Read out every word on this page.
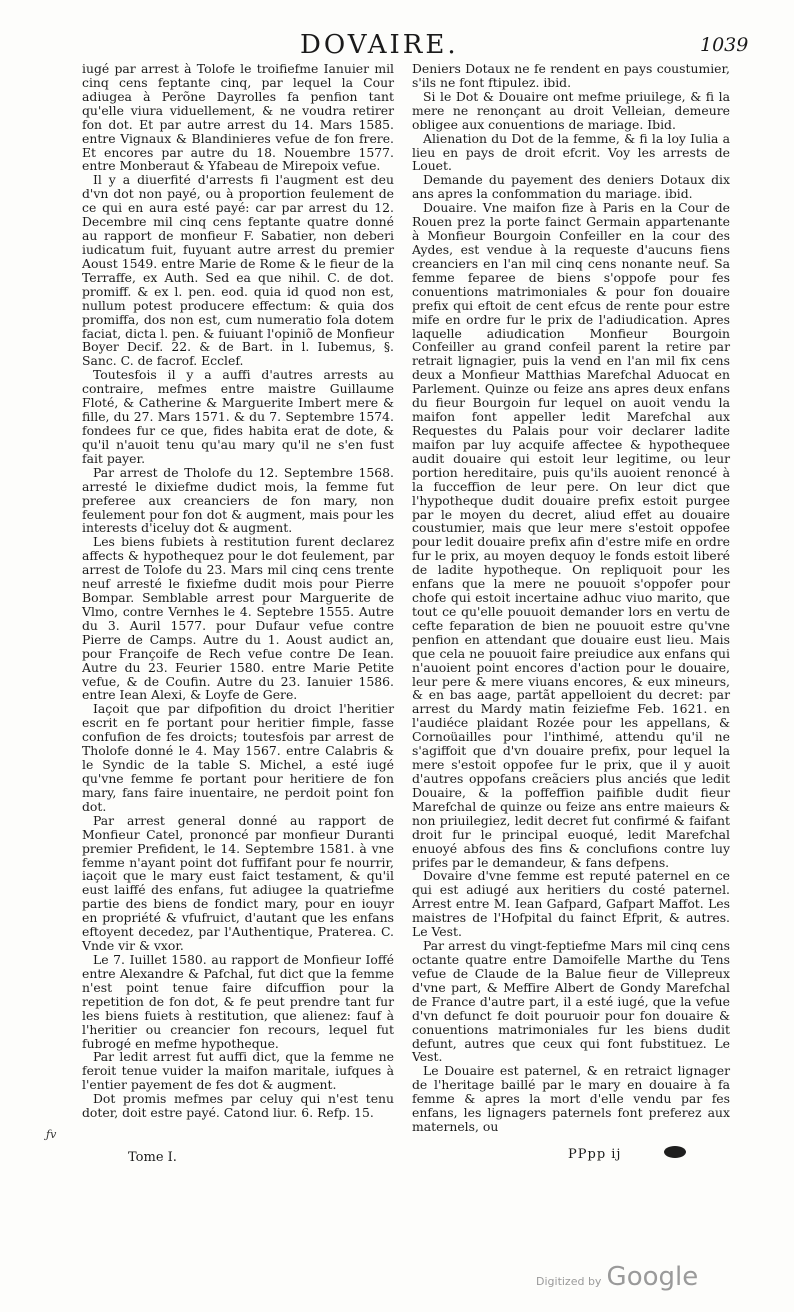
DOVAIRE.	1039

iugé par arrest à Tolofe le troifiefme Ianuier mil cinq cens feptante cinq, par lequel la Cour adiugea à Perõne Dayrolles fa penfion tant qu'elle viura viduellement, & ne voudra retirer fon dot. Et par autre arrest du 14. Mars 1585. entre Vignaux & Blandinieres vefue de fon frere. Et encores par autre du 18. Nouembre 1577. entre Monberaut & Yfabeau de Mirepoix vefue.

Il y a diuerfité d'arrests fi l'augment est deu d'vn dot non payé, ou à proportion feulement de ce qui en aura esté payé: car par arrest du 12. Decembre mil cinq cens feptante quatre donné au rapport de monfieur F. Sabatier, non deberi iudicatum fuit, fuyuant autre arrest du premier Aoust 1549. entre Marie de Rome & le fieur de la Terraffe, ex Auth. Sed ea que nihil. C. de dot. promiff. & ex l. pen. eod. quia id quod non est, nullum potest producere effectum: & quia dos promiffa, dos non est, cum numeratio fola dotem faciat, dicta l. pen. & fuiuant l'opiniõ de Monfieur Boyer Decif. 22. & de Bart. in l. Iubemus, §. Sanc. C. de facrof. Ecclef.

Toutesfois il y a auffi d'autres arrests au contraire, mefmes entre maistre Guillaume Floté, & Catherine & Marguerite Imbert mere & fille, du 27. Mars 1571. & du 7. Septembre 1574. fondees fur ce que, fides habita erat de dote, & qu'il n'auoit tenu qu'au mary qu'il ne s'en fust fait payer.

Par arrest de Tholofe du 12. Septembre 1568. arresté le dixiefme dudict mois, la femme fut preferee aux creanciers de fon mary, non feulement pour fon dot & augment, mais pour les interests d'iceluy dot & augment.

Les biens fubiets à restitution furent declarez affects & hypothequez pour le dot feulement, par arrest de Tolofe du 23. Mars mil cinq cens trente neuf arresté le fixiefme dudit mois pour Pierre Bompar. Semblable arrest pour Marguerite de Vlmo, contre Vernhes le 4. Septebre 1555. Autre du 3. Auril 1577. pour Dufaur vefue contre Pierre de Camps. Autre du 1. Aoust audict an, pour Françoife de Rech vefue contre De Iean. Autre du 23. Feurier 1580. entre Marie Petite vefue, & de Coufin. Autre du 23. Ianuier 1586. entre Iean Alexi, & Loyfe de Gere.

Iaçoit que par difpofition du droict l'heritier escrit en fe portant pour heritier fimple, fasse confufion de fes droicts; toutesfois par arrest de Tholofe donné le 4. May 1567. entre Calabris & le Syndic de la table S. Michel, a esté iugé qu'vne femme fe portant pour heritiere de fon mary, fans faire inuentaire, ne perdoit point fon dot.

Par arrest general donné au rapport de Monfieur Catel, prononcé par monfieur Duranti premier Prefident, le 14. Septembre 1581. à vne femme n'ayant point dot fuffifant pour fe nourrir, iaçoit que le mary eust faict testament, & qu'il eust laiffé des enfans, fut adiugee la quatriefme partie des biens de fondict mary, pour en iouyr en propriété & vfufruict, d'autant que les enfans eftoyent decedez, par l'Authentique, Praterea. C. Vnde vir & vxor.

Le 7. Iuillet 1580. au rapport de Monfieur Ioffé entre Alexandre & Pafchal, fut dict que la femme n'est point tenue faire difcuffion pour la repetition de fon dot, & fe peut prendre tant fur les biens fuiets à restitution, que alienez: fauf à l'heritier ou creancier fon recours, lequel fut fubrogé en mefme hypotheque.

Par ledit arrest fut auffi dict, que la femme ne feroit tenue vuider la maifon maritale, iufques à l'entier payement de fes dot & augment.

Dot promis mefmes par celuy qui n'est tenu doter, doit estre payé. Catond liur. 6. Refp. 15.

Deniers Dotaux ne fe rendent en pays coustumier, s'ils ne font ftipulez. ibid.

Si le Dot & Douaire ont mefme priuilege, & fi la mere ne renonçant au droit Velleian, demeure obligee aux conuentions de mariage. Ibid.

Alienation du Dot de la femme, & fi la loy Iulia a lieu en pays de droit efcrit. Voy les arrests de Louet.

Demande du payement des deniers Dotaux dix ans apres la confommation du mariage. ibid.

Douaire. Vne maifon fize à Paris en la Cour de Rouen prez la porte fainct Germain appartenante à Monfieur Bourgoin Confeiller en la cour des Aydes, est vendue à la requeste d'aucuns fiens creanciers en l'an mil cinq cens nonante neuf. Sa femme feparee de biens s'oppofe pour fes conuentions matrimoniales & pour fon douaire prefix qui eftoit de cent efcus de rente pour estre mife en ordre fur le prix de l'adiudication. Apres laquelle adiudication Monfieur Bourgoin Confeiller au grand confeil parent la retire par retrait lignagier, puis la vend en l'an mil fix cens deux a Monfieur Matthias Marefchal Aduocat en Parlement. Quinze ou feize ans apres deux enfans du fieur Bourgoin fur lequel on auoit vendu la maifon font appeller ledit Marefchal aux Requestes du Palais pour voir declarer ladite maifon par luy acquife affectee & hypothequee audit douaire qui estoit leur legitime, ou leur portion hereditaire, puis qu'ils auoient renoncé à la fucceffion de leur pere. On leur dict que l'hypotheque dudit douaire prefix estoit purgee par le moyen du decret, aliud effet au douaire coustumier, mais que leur mere s'estoit oppofee pour ledit douaire prefix afin d'estre mife en ordre fur le prix, au moyen dequoy le fonds estoit liberé de ladite hypotheque. On repliquoit pour les enfans que la mere ne pouuoit s'oppofer pour chofe qui estoit incertaine adhuc viuo marito, que tout ce qu'elle pouuoit demander lors en vertu de cefte feparation de bien ne pouuoit estre qu'vne penfion en attendant que douaire eust lieu. Mais que cela ne pouuoit faire preiudice aux enfans qui n'auoient point encores d'action pour le douaire, leur pere & mere viuans encores, & eux mineurs, & en bas aage, partãt appelloient du decret: par arrest du Mardy matin feiziefme Feb. 1621. en l'audiéce plaidant Rozée pour les appellans, & Cornoüailles pour l'inthimé, attendu qu'il ne s'agiffoit que d'vn douaire prefix, pour lequel la mere s'estoit oppofee fur le prix, que il y auoit d'autres oppofans creãciers plus anciés que ledit Douaire, & la poffeffion paifible dudit fieur Marefchal de quinze ou feize ans entre maieurs & non priuilegiez, ledit decret fut confirmé & faifant droit fur le principal euoqué, ledit Marefchal enuoyé abfous des fins & conclufions contre luy prifes par le demandeur, & fans defpens.

Dovaire d'vne femme est reputé paternel en ce qui est adiugé aux heritiers du costé paternel. Arrest entre M. Iean Gafpard, Gafpart Maffot. Les maistres de l'Hofpital du fainct Efprit, & autres. Le Vest.

Par arrest du vingt-feptiefme Mars mil cinq cens octante quatre entre Damoifelle Marthe du Tens vefue de Claude de la Balue fieur de Villepreux d'vne part, & Meffire Albert de Gondy Marefchal de France d'autre part, il a esté iugé, que la vefue d'vn defunct fe doit pouruoir pour fon douaire & conuentions matrimoniales fur les biens dudit defunt, autres que ceux qui font fubstituez. Le Vest.

Le Douaire est paternel, & en retraict lignager de l'heritage baillé par le mary en douaire à fa femme & apres la mort d'elle vendu par fes enfans, les lignagers paternels font preferez aux maternels, ou

ƒv
Tome I.	PPpp ij
Digitized by Google
